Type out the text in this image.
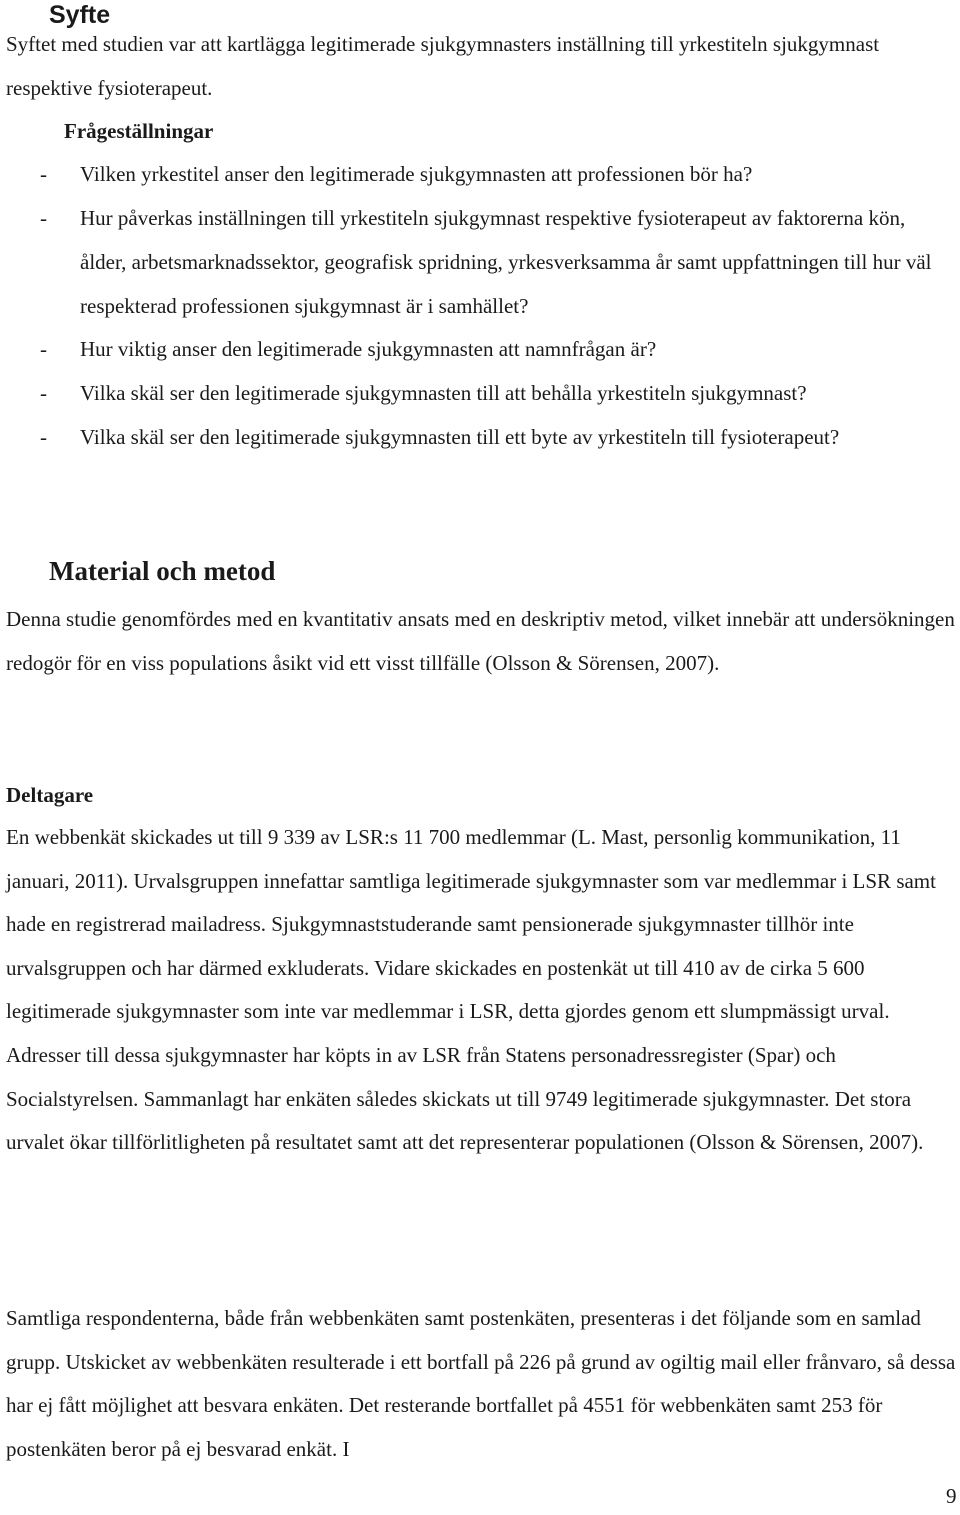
Syfte

Syftet med studien var att kartlägga legitimerade sjukgymnasters inställning till yrkestiteln sjukgymnast respektive fysioterapeut.

Frågeställningar
- Vilken yrkestitel anser den legitimerade sjukgymnasten att professionen bör ha?
- Hur påverkas inställningen till yrkestiteln sjukgymnast respektive fysioterapeut av faktorerna kön, ålder, arbetsmarknadssektor, geografisk spridning, yrkesverksamma år samt uppfattningen till hur väl respekterad professionen sjukgymnast är i samhället?
- Hur viktig anser den legitimerade sjukgymnasten att namnfrågan är?
- Vilka skäl ser den legitimerade sjukgymnasten till att behålla yrkestiteln sjukgymnast?
- Vilka skäl ser den legitimerade sjukgymnasten till ett byte av yrkestiteln till fysioterapeut?
Material och metod

Denna studie genomfördes med en kvantitativ ansats med en deskriptiv metod, vilket innebär att undersökningen redogör för en viss populations åsikt vid ett visst tillfälle (Olsson & Sörensen, 2007).

Deltagare

En webbenkät skickades ut till 9 339 av LSR:s 11 700 medlemmar (L. Mast, personlig kommunikation, 11 januari, 2011). Urvalsgruppen innefattar samtliga legitimerade sjukgymnaster som var medlemmar i LSR samt hade en registrerad mailadress. Sjukgymnaststuderande samt pensionerade sjukgymnaster tillhör inte urvalsgruppen och har därmed exkluderats. Vidare skickades en postenkät ut till 410 av de cirka 5 600 legitimerade sjukgymnaster som inte var medlemmar i LSR, detta gjordes genom ett slumpmässigt urval. Adresser till dessa sjukgymnaster har köpts in av LSR från Statens personadressregister (Spar) och Socialstyrelsen. Sammanlagt har enkäten således skickats ut till 9749 legitimerade sjukgymnaster. Det stora urvalet ökar tillförlitligheten på resultatet samt att det representerar populationen (Olsson & Sörensen, 2007).

Samtliga respondenterna, både från webbenkäten samt postenkäten, presenteras i det följande som en samlad grupp. Utskicket av webbenkäten resulterade i ett bortfall på 226 på grund av ogiltig mail eller frånvaro, så dessa har ej fått möjlighet att besvara enkäten. Det resterande bortfallet på 4551 för webbenkäten samt 253 för postenkäten beror på ej besvarad enkät. I

9
